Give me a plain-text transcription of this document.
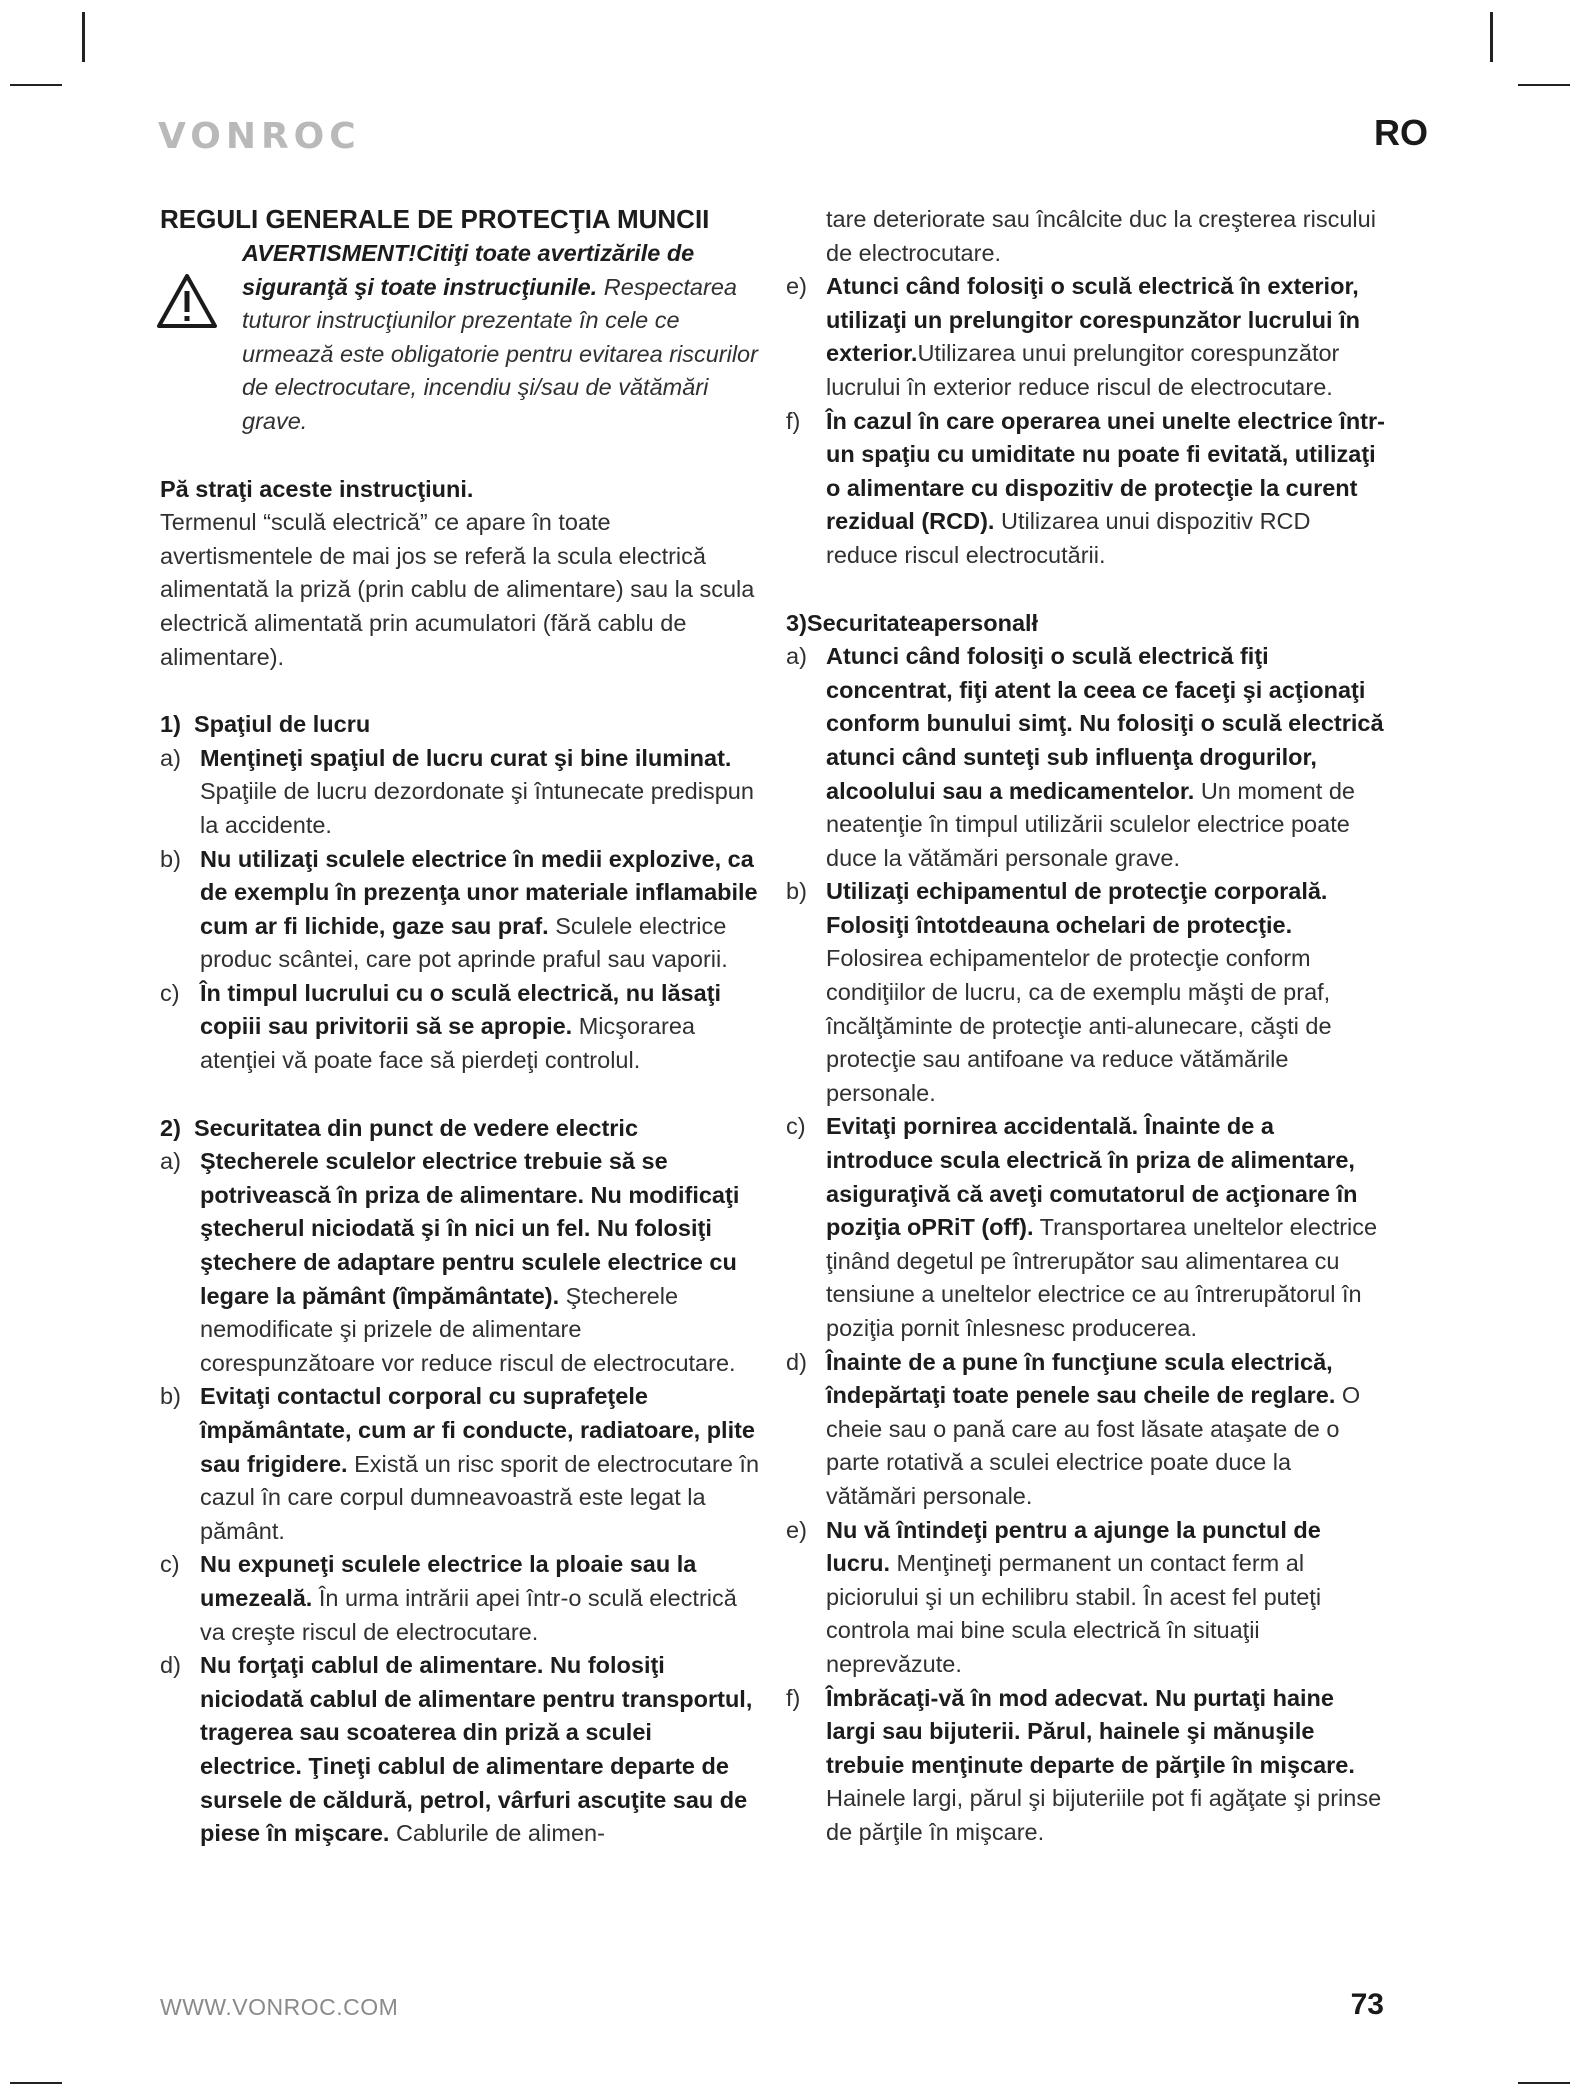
VONROC	RO

REGULI GENERALE DE PROTECŢIA MUNCII

AVERTISMENT!Citiţi toate avertizările de siguranţă şi toate instrucţiunile. Respectarea tuturor instrucţiunilor prezentate în cele ce urmează este obligatorie pentru evitarea riscurilor de electrocutare, incendiu şi/sau de vătămări grave.

Pă straţi aceste instrucţiuni.

Termenul “sculă electrică” ce apare în toate avertismentele de mai jos se referă la scula electrică alimentată la priză (prin cablu de alimentare) sau la scula electrică alimentată prin acumulatori (fără cablu de alimentare).

1)  Spaţiul de lucru

a) Menţineţi spaţiul de lucru curat şi bine iluminat. Spaţiile de lucru dezordonate şi întunecate predispun la accidente.

b) Nu utilizaţi sculele electrice în medii explozive, ca de exemplu în prezenţa unor materiale inflamabile cum ar fi lichide, gaze sau praf. Sculele electrice produc scântei, care pot aprinde praful sau vaporii.

c) În timpul lucrului cu o sculă electrică, nu lăsaţi copiii sau privitorii să se apropie. Micşorarea atenţiei vă poate face să pierdeţi controlul.

2)  Securitatea din punct de vedere electric

a) Ştecherele sculelor electrice trebuie să se potrivească în priza de alimentare. Nu modificaţi ştecherul niciodată şi în nici un fel. Nu folosiţi ştechere de adaptare pentru sculele electrice cu legare la pământ (împământate). Ştecherele nemodificate şi prizele de alimentare corespunzătoare vor reduce riscul de electrocutare.

b) Evitaţi contactul corporal cu suprafeţele împământate, cum ar fi conducte, radiatoare, plite sau frigidere. Există un risc sporit de electrocutare în cazul în care corpul dumneavoastră este legat la pământ.

c) Nu expuneţi sculele electrice la ploaie sau la umezeală. În urma intrării apei într-o sculă electrică va creşte riscul de electrocutare.

d) Nu forţaţi cablul de alimentare. Nu folosiţi niciodată cablul de alimentare pentru transportul, tragerea sau scoaterea din priză a sculei electrice. Ţineţi cablul de alimentare departe de sursele de căldură, petrol, vârfuri ascuţite sau de piese în mişcare. Cablurile de alimen-

tare deteriorate sau încâlcite duc la creşterea riscului de electrocutare.

e) Atunci când folosiţi o sculă electrică în exterior, utilizaţi un prelungitor corespunzător lucrului în exterior.Utilizarea unui prelungitor corespunzător lucrului în exterior reduce riscul de electrocutare.

f) În cazul în care operarea unei unelte electrice într-un spaţiu cu umiditate nu poate fi evitată, utilizaţi o alimentare cu dispozitiv de protecţie la curent rezidual (RCD). Utilizarea unui dispozitiv RCD reduce riscul electrocutării.

3)Securitateapersonalł

a) Atunci când folosiţi o sculă electrică fiţi concentrat, fiţi atent la ceea ce faceţi şi acţionaţi conform bunului simţ. Nu folosiţi o sculă electrică atunci când sunteţi sub influenţa drogurilor, alcoolului sau a medicamentelor. Un moment de neatenţie în timpul utilizării sculelor electrice poate duce la vătămări personale grave.

b) Utilizaţi echipamentul de protecţie corporală. Folosiţi întotdeauna ochelari de protecţie. Folosirea echipamentelor de protecţie conform condiţiilor de lucru, ca de exemplu măşti de praf, încălţăminte de protecţie anti-alunecare, căşti de protecţie sau antifoane va reduce vătămările personale.

c) Evitaţi pornirea accidentală. Înainte de a introduce scula electrică în priza de alimentare, asiguraţivă că aveţi comutatorul de acţionare în poziţia oPRiT (off). Transportarea uneltelor electrice ţinând degetul pe întrerupător sau alimentarea cu tensiune a uneltelor electrice ce au întrerupătorul în poziţia pornit înlesnesc producerea.

d) Înainte de a pune în funcţiune scula electrică, îndepărtaţi toate penele sau cheile de reglare. O cheie sau o pană care au fost lăsate ataşate de o parte rotativă a sculei electrice poate duce la vătămări personale.

e) Nu vă întindeţi pentru a ajunge la punctul de lucru. Menţineţi permanent un contact ferm al piciorului şi un echilibru stabil. În acest fel puteţi controla mai bine scula electrică în situaţii neprevăzute.

f) Îmbrăcaţi-vă în mod adecvat. Nu purtaţi haine largi sau bijuterii. Părul, hainele şi mănuşile trebuie menţinute departe de părţile în mişcare. Hainele largi, părul şi bijuteriile pot fi agăţate şi prinse de părţile în mişcare.

WWW.VONROC.COM	73
